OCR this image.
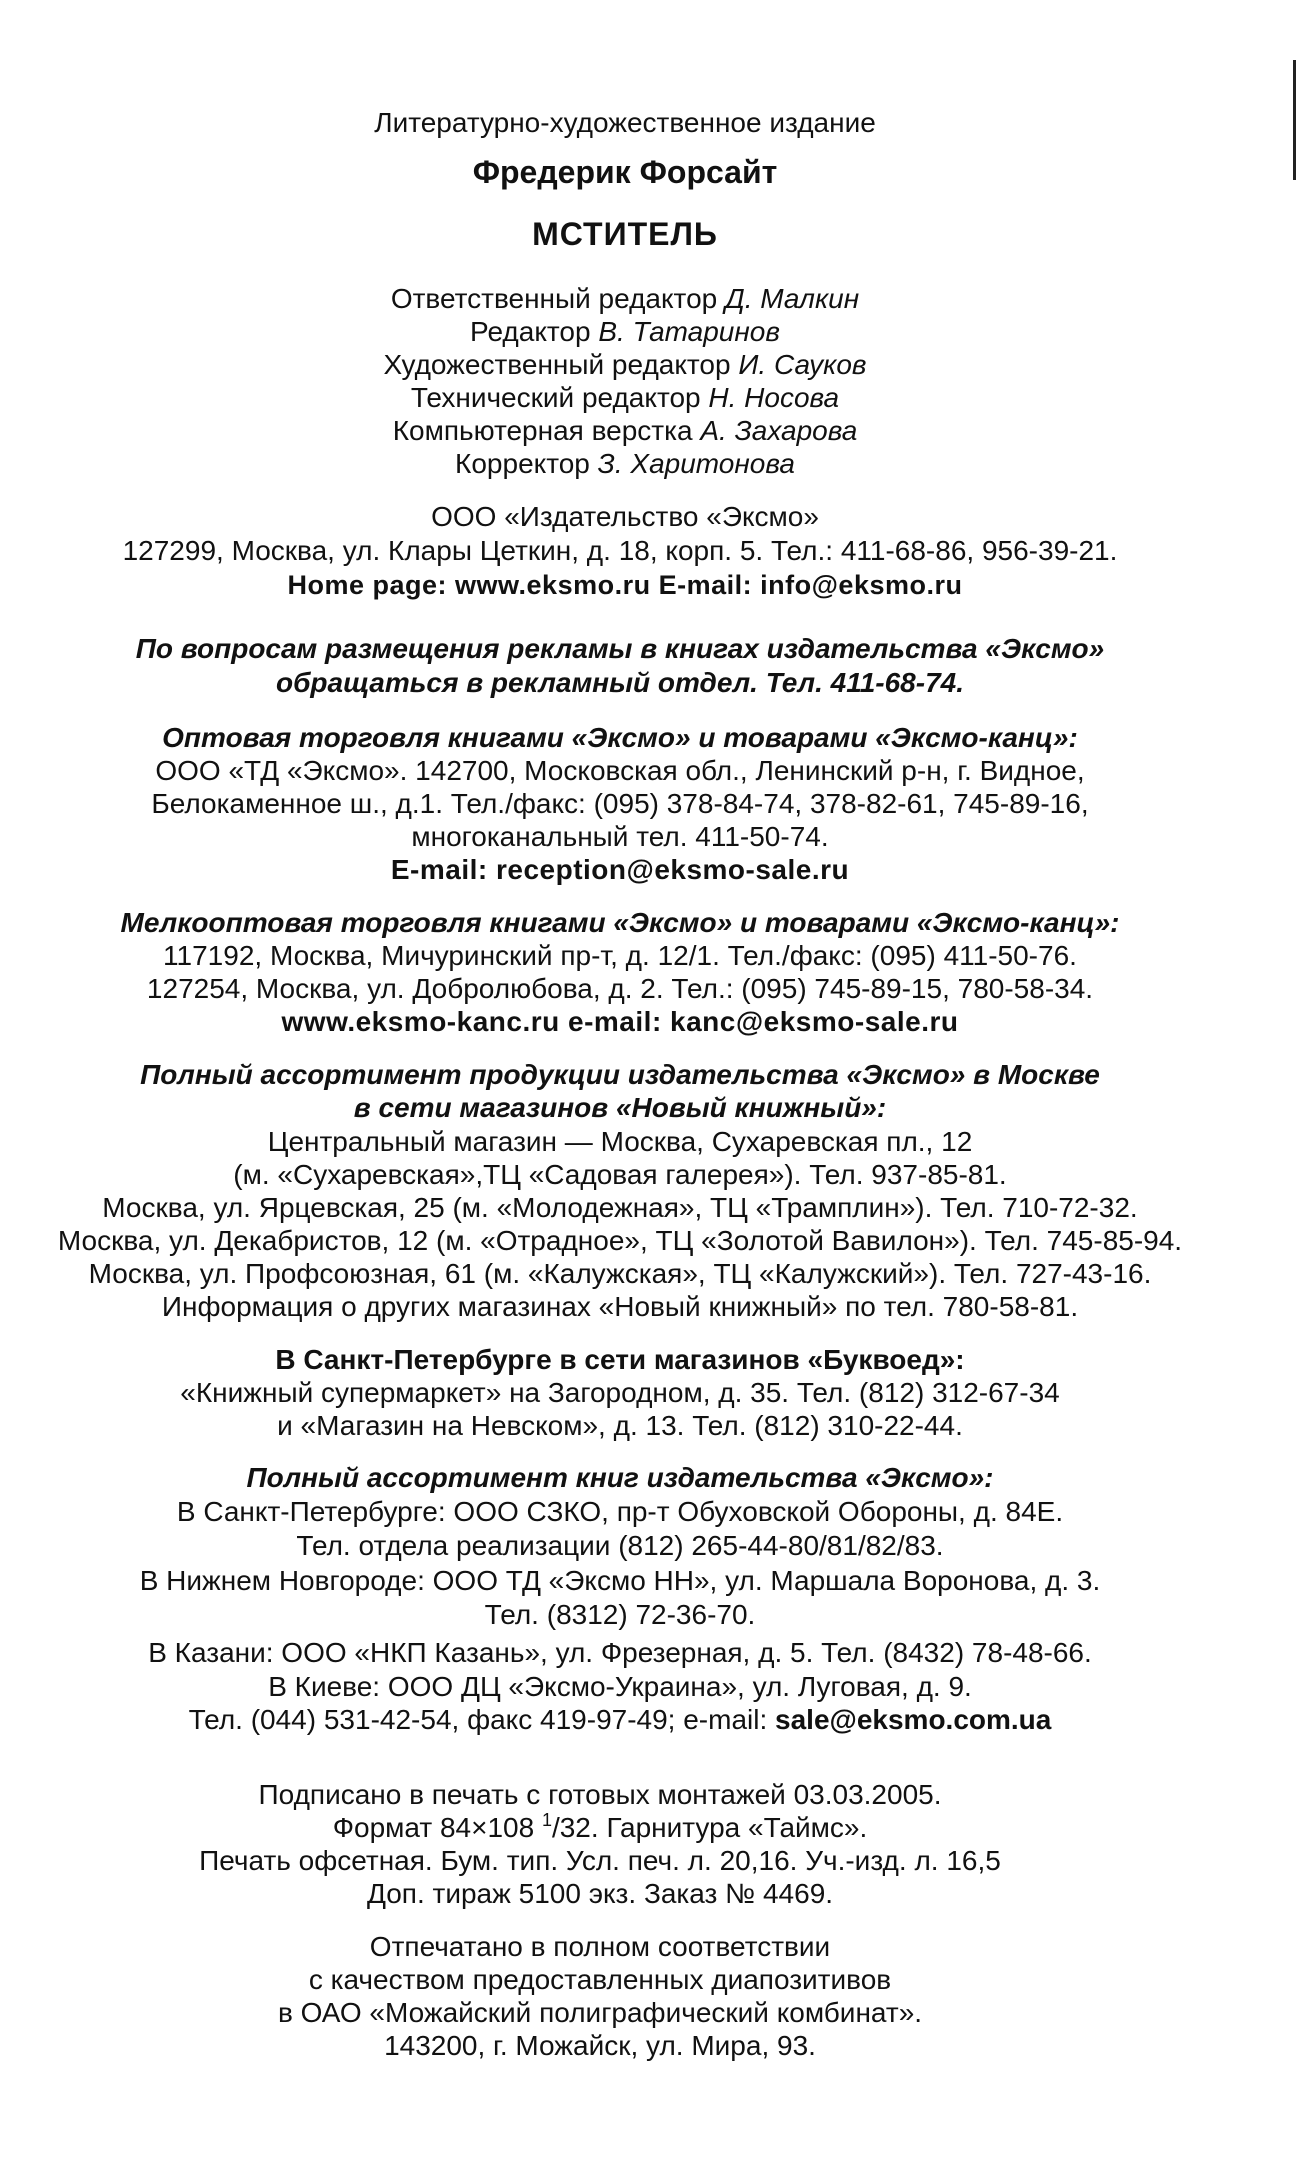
Литературно-художественное издание
Фредерик Форсайт
МСТИТЕЛЬ
Ответственный редактор Д. Малкин
Редактор В. Татаринов
Художественный редактор И. Сауков
Технический редактор Н. Носова
Компьютерная верстка А. Захарова
Корректор З. Харитонова
ООО «Издательство «Эксмо»
127299, Москва, ул. Клары Цеткин, д. 18, корп. 5. Тел.: 411-68-86, 956-39-21.
Home page: www.eksmo.ru E-mail: info@eksmo.ru
По вопросам размещения рекламы в книгах издательства «Эксмо»
обращаться в рекламный отдел. Тел. 411-68-74.
Оптовая торговля книгами «Эксмо» и товарами «Эксмо-канц»:
ООО «ТД «Эксмо». 142700, Московская обл., Ленинский р-н, г. Видное,
Белокаменное ш., д.1. Тел./факс: (095) 378-84-74, 378-82-61, 745-89-16,
многоканальный тел. 411-50-74.
E-mail: reception@eksmo-sale.ru
Мелкооптовая торговля книгами «Эксмо» и товарами «Эксмо-канц»:
117192, Москва, Мичуринский пр-т, д. 12/1. Тел./факс: (095) 411-50-76.
127254, Москва, ул. Добролюбова, д. 2. Тел.: (095) 745-89-15, 780-58-34.
www.eksmo-kanc.ru e-mail: kanc@eksmo-sale.ru
Полный ассортимент продукции издательства «Эксмо» в Москве
в сети магазинов «Новый книжный»:
Центральный магазин — Москва, Сухаревская пл., 12
(м. «Сухаревская»,ТЦ «Садовая галерея»). Тел. 937-85-81.
Москва, ул. Ярцевская, 25 (м. «Молодежная», ТЦ «Трамплин»). Тел. 710-72-32.
Москва, ул. Декабристов, 12 (м. «Отрадное», ТЦ «Золотой Вавилон»). Тел. 745-85-94.
Москва, ул. Профсоюзная, 61 (м. «Калужская», ТЦ «Калужский»). Тел. 727-43-16.
Информация о других магазинах «Новый книжный» по тел. 780-58-81.
В Санкт-Петербурге в сети магазинов «Буквоед»:
«Книжный супермаркет» на Загородном, д. 35. Тел. (812) 312-67-34
и «Магазин на Невском», д. 13. Тел. (812) 310-22-44.
Полный ассортимент книг издательства «Эксмо»:
В Санкт-Петербурге: ООО СЗКО, пр-т Обуховской Обороны, д. 84Е.
Тел. отдела реализации (812) 265-44-80/81/82/83.
В Нижнем Новгороде: ООО ТД «Эксмо НН», ул. Маршала Воронова, д. 3.
Тел. (8312) 72-36-70.
В Казани: ООО «НКП Казань», ул. Фрезерная, д. 5. Тел. (8432) 78-48-66.
В Киеве: ООО ДЦ «Эксмо-Украина», ул. Луговая, д. 9.
Тел. (044) 531-42-54, факс 419-97-49; e-mail: sale@eksmo.com.ua
Подписано в печать с готовых монтажей 03.03.2005.
Формат 84×108 $^1$/32. Гарнитура «Таймс».
Печать офсетная. Бум. тип. Усл. печ. л. 20,16. Уч.-изд. л. 16,5
Доп. тираж 5100 экз. Заказ № 4469.
Отпечатано в полном соответствии
с качеством предоставленных диапозитивов
в ОАО «Можайский полиграфический комбинат».
143200, г. Можайск, ул. Мира, 93.
